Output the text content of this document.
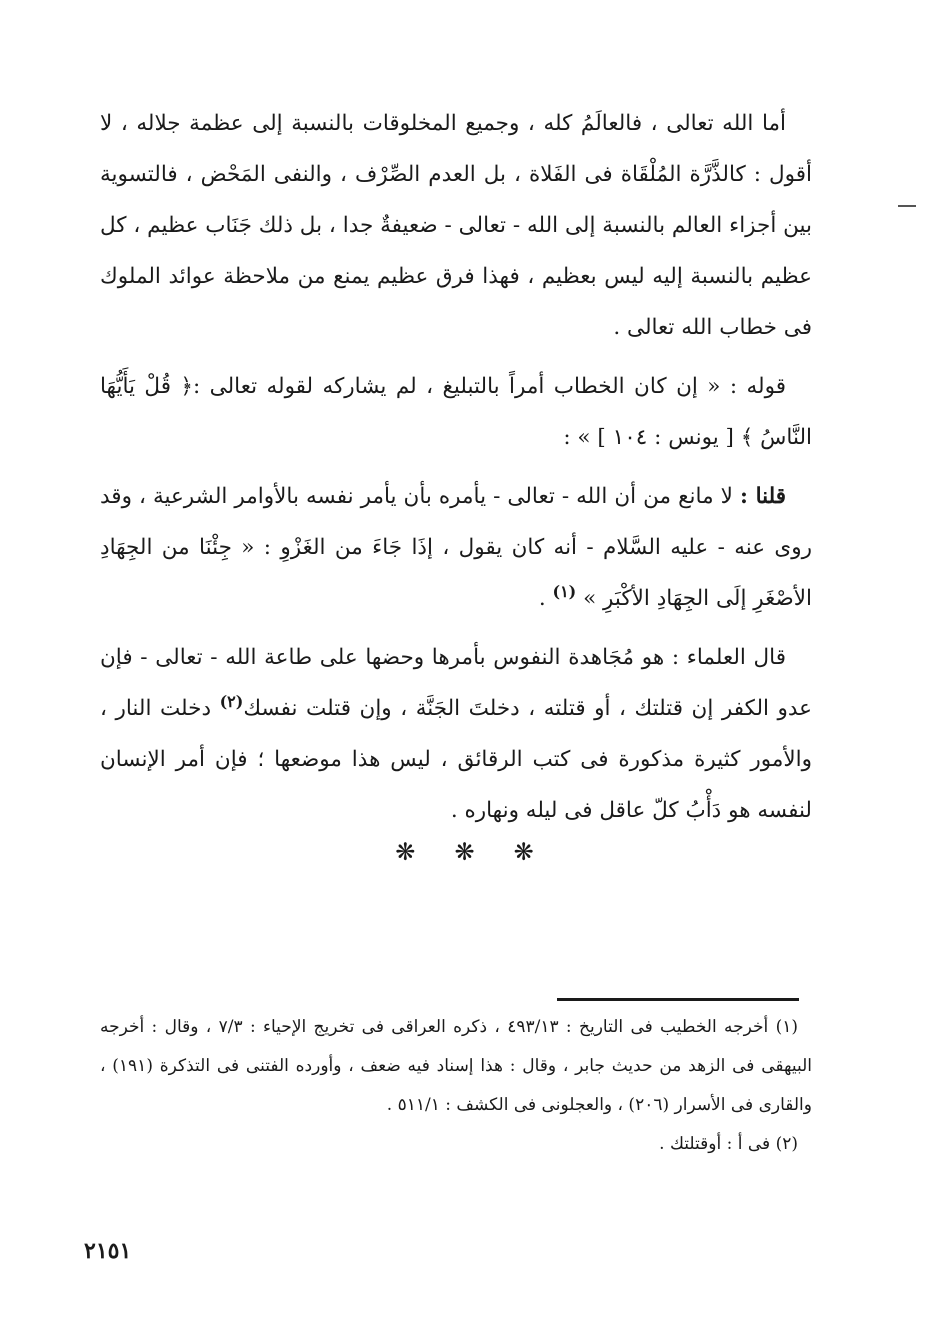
أما الله تعالى ، فالعالَمُ كله ، وجميع المخلوقات بالنسبة إلى عظمة جلاله ، لا أقول : كالذَّرَّة المُلْقَاة فى الفَلاة ، بل العدم الصِّرْف ، والنفى المَحْض ، فالتسوية بين أجزاء العالم بالنسبة إلى الله - تعالى - ضعيفةٌ جدا ، بل ذلك جَنَاب عظيم ، كل عظيم بالنسبة إليه ليس بعظيم ، فهذا فرق عظيم يمنع من ملاحظة عوائد الملوك فى خطاب الله تعالى .

قوله : « إن كان الخطاب أمراً بالتبليغ ، لم يشاركه لقوله تعالى :﴿ قُلْ يَأَيُّهَا النَّاسُ ﴾ [ يونس : ١٠٤ ] » :

قلنا : لا مانع من أن الله - تعالى - يأمره بأن يأمر نفسه بالأوامر الشرعية ، وقد روى عنه - عليه السَّلام - أنه كان يقول ، إذَا جَاءَ من الغَزْوِ : « جِئْنَا من الجِهَادِ الأصْغَرِ إلَى الجِهَادِ الأكْبَرِ » $^{(١)}$ .

قال العلماء : هو مُجَاهدة النفوس بأمرها وحضها على طاعة الله - تعالى - فإن عدو الكفر إن قتلتك ، أو قتلته ، دخلتَ الجَنَّة ، وإن قتلت نفسك$^{(٢)}$ دخلت النار ، والأمور كثيرة مذكورة فى كتب الرقائق ، ليس هذا موضعها ؛ فإن أمر الإنسان لنفسه هو دَأْبُ كلّ عاقل فى ليله ونهاره .

❋ ❋ ❋

(١) أخرجه الخطيب فى التاريخ : ٤٩٣/١٣ ، ذكره العراقى فى تخريج الإحياء : ٧/٣ ، وقال : أخرجه البيهقى فى الزهد من حديث جابر ، وقال : هذا إسناد فيه ضعف ، وأورده الفتنى فى التذكرة (١٩١) ، والقارى فى الأسرار (٢٠٦) ، والعجلونى فى الكشف : ٥١١/١ .

(٢) فى أ : أوقتلتك .

٢١٥١
